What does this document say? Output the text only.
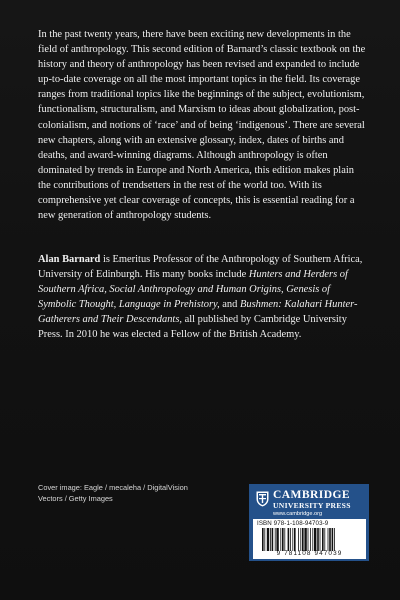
In the past twenty years, there have been exciting new developments in the field of anthropology. This second edition of Barnard’s classic textbook on the history and theory of anthropology has been revised and expanded to include up-to-date coverage on all the most important topics in the field. Its coverage ranges from traditional topics like the beginnings of the subject, evolutionism, functionalism, structuralism, and Marxism to ideas about globalization, post-colonialism, and notions of ‘race’ and of being ‘indigenous’. There are several new chapters, along with an extensive glossary, index, dates of births and deaths, and award-winning diagrams. Although anthropology is often dominated by trends in Europe and North America, this edition makes plain the contributions of trendsetters in the rest of the world too. With its comprehensive yet clear coverage of concepts, this is essential reading for a new generation of anthropology students.

Alan Barnard is Emeritus Professor of the Anthropology of Southern Africa, University of Edinburgh. His many books include Hunters and Herders of Southern Africa, Social Anthropology and Human Origins, Genesis of Symbolic Thought, Language in Prehistory, and Bushmen: Kalahari Hunter-Gatherers and Their Descendants, all published by Cambridge University Press. In 2010 he was elected a Fellow of the British Academy.

Cover image: Eagle / mecaleha / DigitalVision
Vectors / Getty Images	CAMBRIDGE

UNIVERSITY PRESS

www.cambridge.org

ISBN 978-1-108-94703-9

9 781108 947039
